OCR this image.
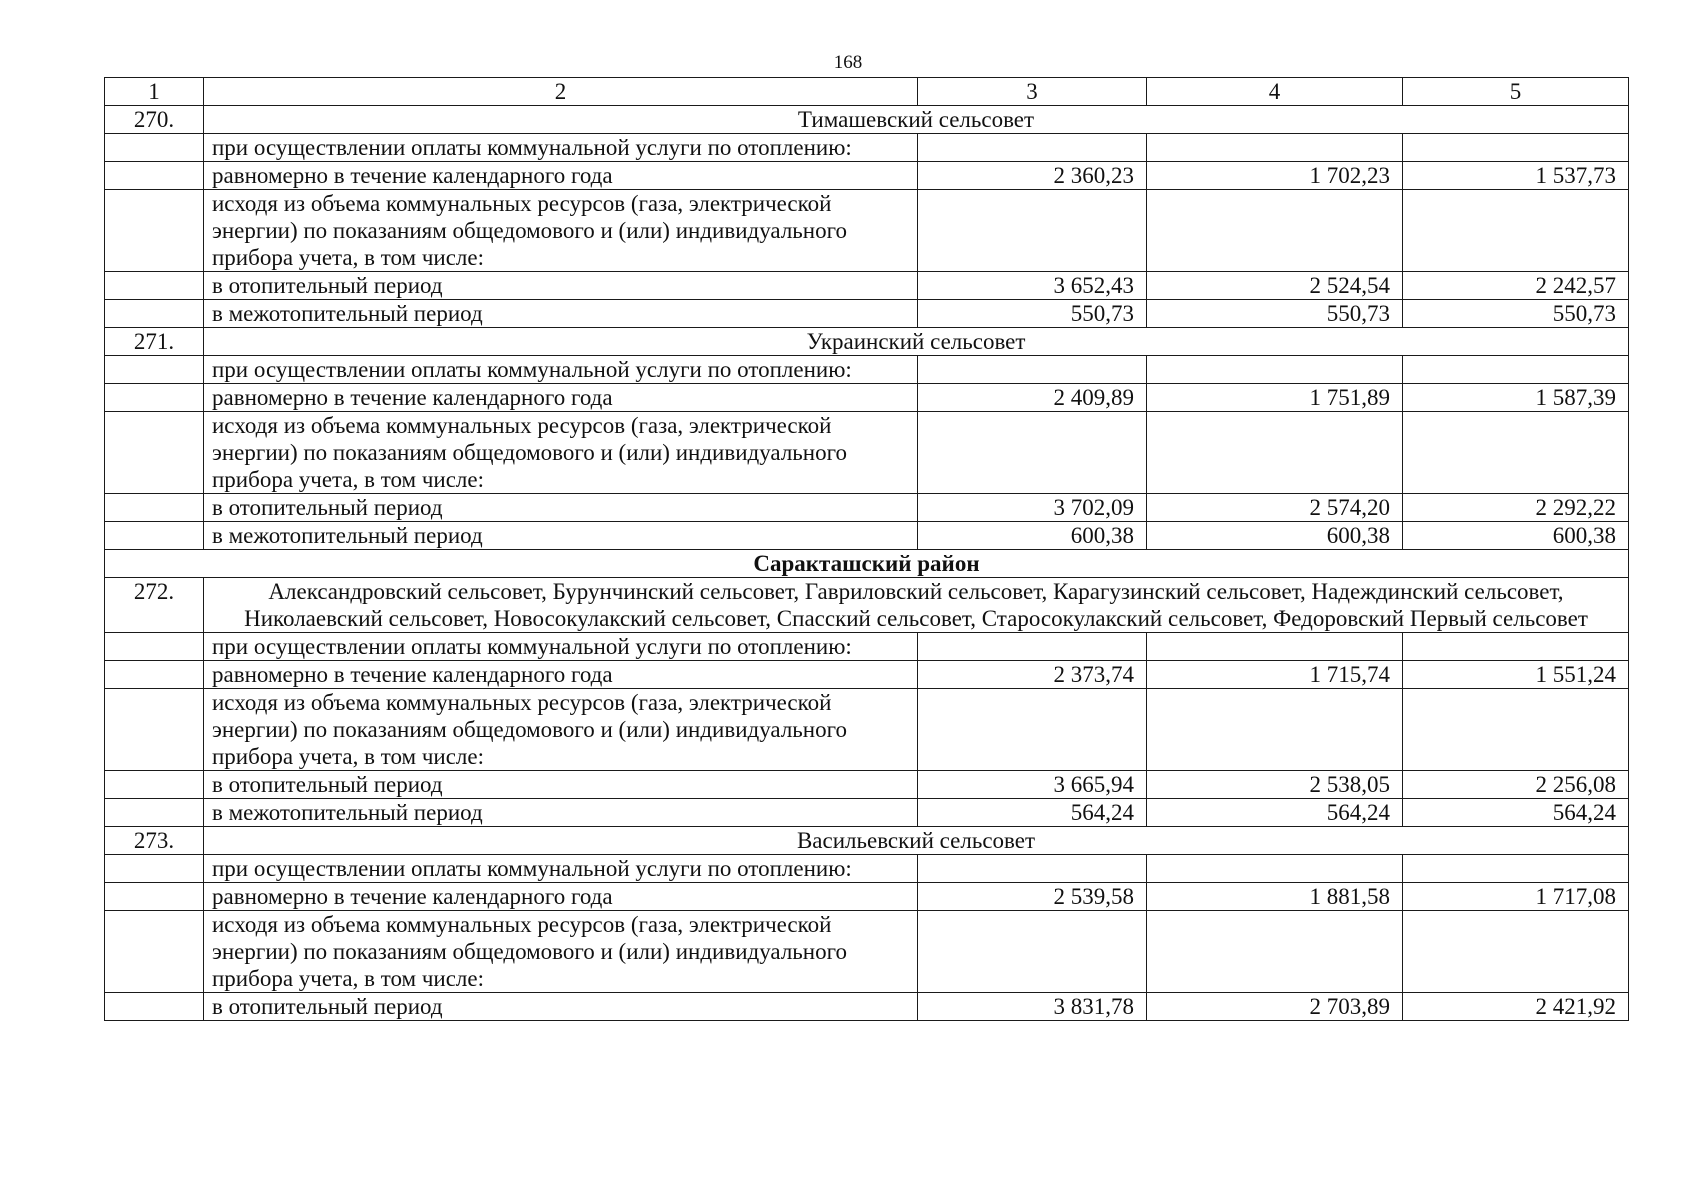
168
1	2	3	4	5
270.	Тимашевский сельсовет			
	при осуществлении оплаты коммунальной услуги по отоплению:			
	равномерно в течение календарного года	2 360,23	1 702,23	1 537,73
	исходя из объема коммунальных ресурсов (газа, электрической энергии) по показаниям общедомового и (или) индивидуального прибора учета, в том числе:			
	в отопительный период	3 652,43	2 524,54	2 242,57
	в межотопительный период	550,73	550,73	550,73
271.	Украинский сельсовет			
	при осуществлении оплаты коммунальной услуги по отоплению:			
	равномерно в течение календарного года	2 409,89	1 751,89	1 587,39
	исходя из объема коммунальных ресурсов (газа, электрической энергии) по показаниям общедомового и (или) индивидуального прибора учета, в том числе:			
	в отопительный период	3 702,09	2 574,20	2 292,22
	в межотопительный период	600,38	600,38	600,38
Саракташский район				
272.	Александровский сельсовет, Бурунчинский сельсовет, Гавриловский сельсовет, Карагузинский сельсовет, Надеждинский сельсовет, Николаевский сельсовет, Новосокулакский сельсовет, Спасский сельсовет, Старосокулакский сельсовет, Федоровский Первый сельсовет			
	при осуществлении оплаты коммунальной услуги по отоплению:			
	равномерно в течение календарного года	2 373,74	1 715,74	1 551,24
	исходя из объема коммунальных ресурсов (газа, электрической энергии) по показаниям общедомового и (или) индивидуального прибора учета, в том числе:			
	в отопительный период	3 665,94	2 538,05	2 256,08
	в межотопительный период	564,24	564,24	564,24
273.	Васильевский сельсовет			
	при осуществлении оплаты коммунальной услуги по отоплению:			
	равномерно в течение календарного года	2 539,58	1 881,58	1 717,08
	исходя из объема коммунальных ресурсов (газа, электрической энергии) по показаниям общедомового и (или) индивидуального прибора учета, в том числе:			
	в отопительный период	3 831,78	2 703,89	2 421,92
